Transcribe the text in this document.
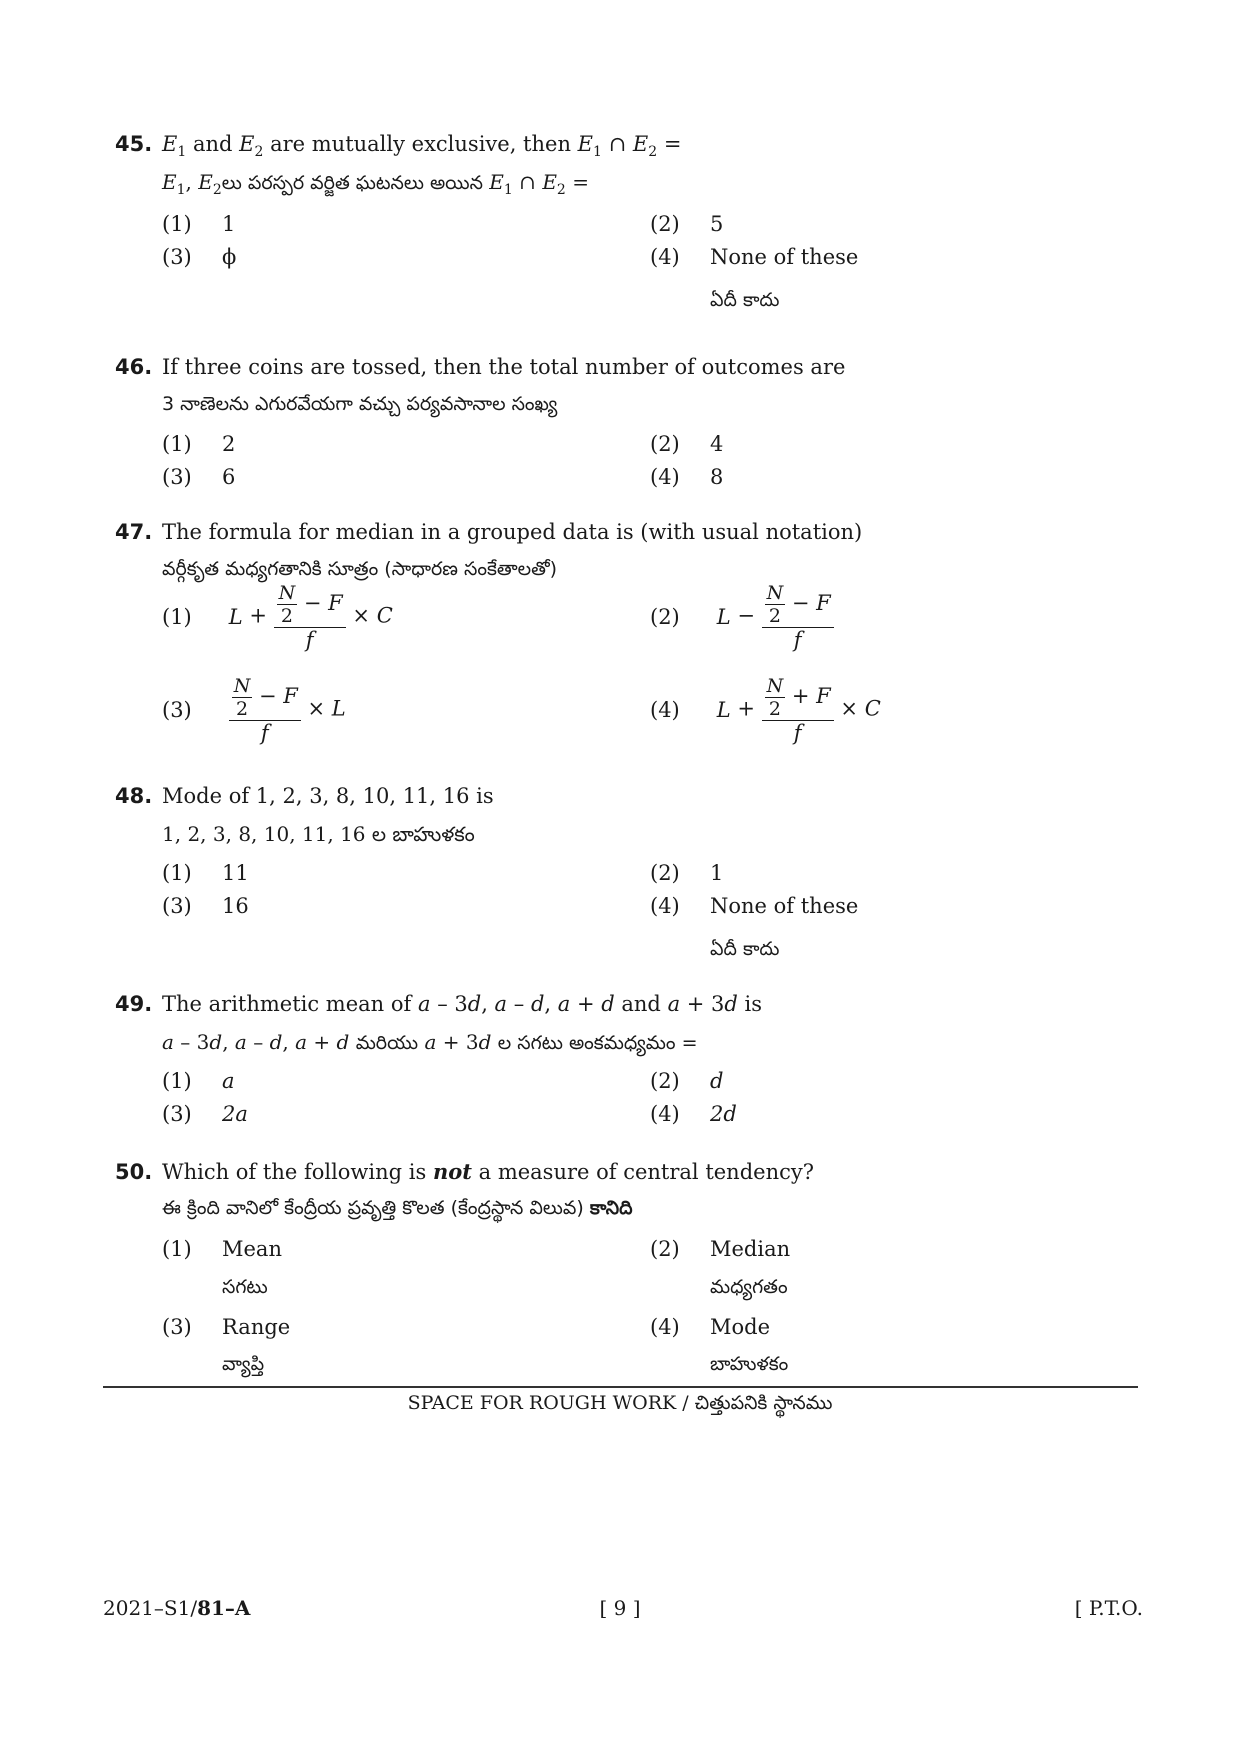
45. $E_1$ and $E_2$ are mutually exclusive, then $E_1$ ∩ $E_2$ =
$E_1$, $E_2లు$ పరస్పర వర్జిత ఘటనలు అయిన $E_1$ ∩ $E_2$ =
(1) 1	(2) 5
(3) ϕ	(4) None of these
ఏదీ కాదు
46. If three coins are tossed, then the total number of outcomes are
3 నాణెలను ఎగురవేయగా వచ్చు పర్యవసానాల సంఖ్య
(1) 2	(2) 4
(3) 6	(4) 8
47. The formula for median in a grouped data is (with usual notation)
వర్గీకృత మధ్యగతానికి సూత్రం (సాధారణ సంకేతాలతో)
(1) $L + \frac{\frac{N}{2} - F}{f} \times C$	(2) $L - \frac{\frac{N}{2} - F}{f}$
$(3) \frac{\frac{N}{2} - F}{f} \times L$	(4) $L + \frac{\frac{N}{2} + F}{f} \times C$
48. Mode of 1, 2, 3, 8, 10, 11, 16 is
1, 2, 3, 8, 10, 11, 16 ల బాహుళకం
(1) 11	(2) 1
(3) 16	(4) None of these
ఏదీ కాదు
49. The arithmetic mean of a – 3d, a – d, a + d and a + 3d is
a – 3d, a – d, a + d మరియు a + 3d ల సగటు అంకమధ్యమం =
(1) a	(2) d
(3) 2a	(4) 2d
50. Which of the following is not a measure of central tendency?
ఈ క్రింది వానిలో కేంద్రీయ ప్రవృత్తి కొలత (కేంద్రస్థాన విలువ) కానిది
(1) Mean	(2) Median
సగటు	మధ్యగతం
(3) Range	(4) Mode
వ్యాప్తి	బాహుళకం
SPACE FOR ROUGH WORK / చిత్తుపనికి స్థానము
2021–S1/81–A	[ 9 ]	[ P.T.O.
